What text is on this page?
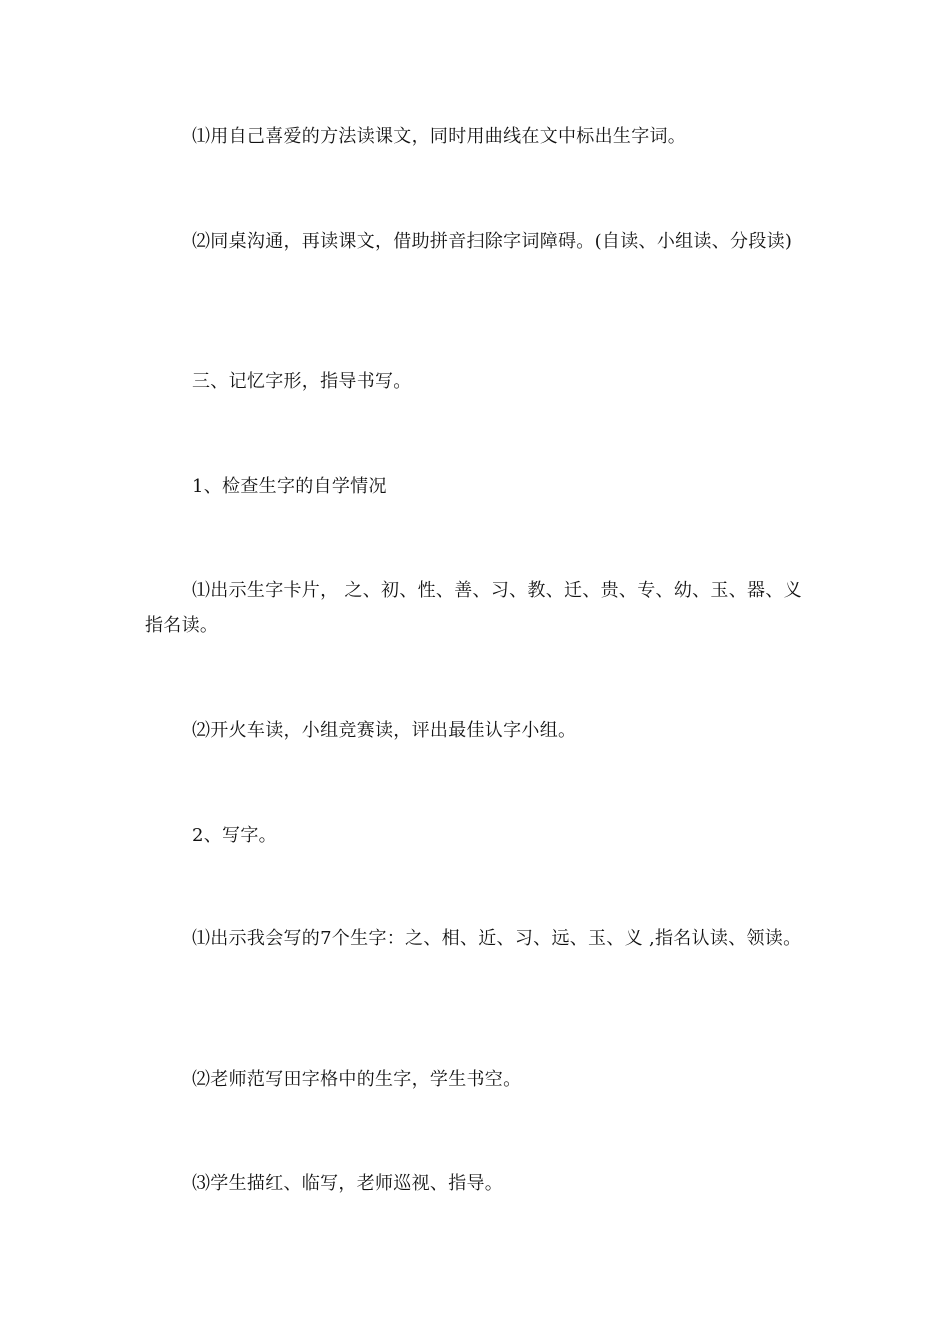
⑴用自己喜爱的方法读课文，同时用曲线在文中标出生字词。

⑵同桌沟通，再读课文，借助拼音扫除字词障碍。(自读、小组读、分段读)

三、记忆字形，指导书写。

1、检查生字的自学情况

⑴出示生字卡片， 之、初、性、善、习、教、迁、贵、专、幼、玉、器、义 指名读。

⑵开火车读，小组竞赛读，评出最佳认字小组。

2、写字。

⑴出示我会写的7个生字：之、相、近、习、远、玉、义 ,指名认读、领读。

⑵老师范写田字格中的生字，学生书空。

⑶学生描红、临写，老师巡视、指导。
